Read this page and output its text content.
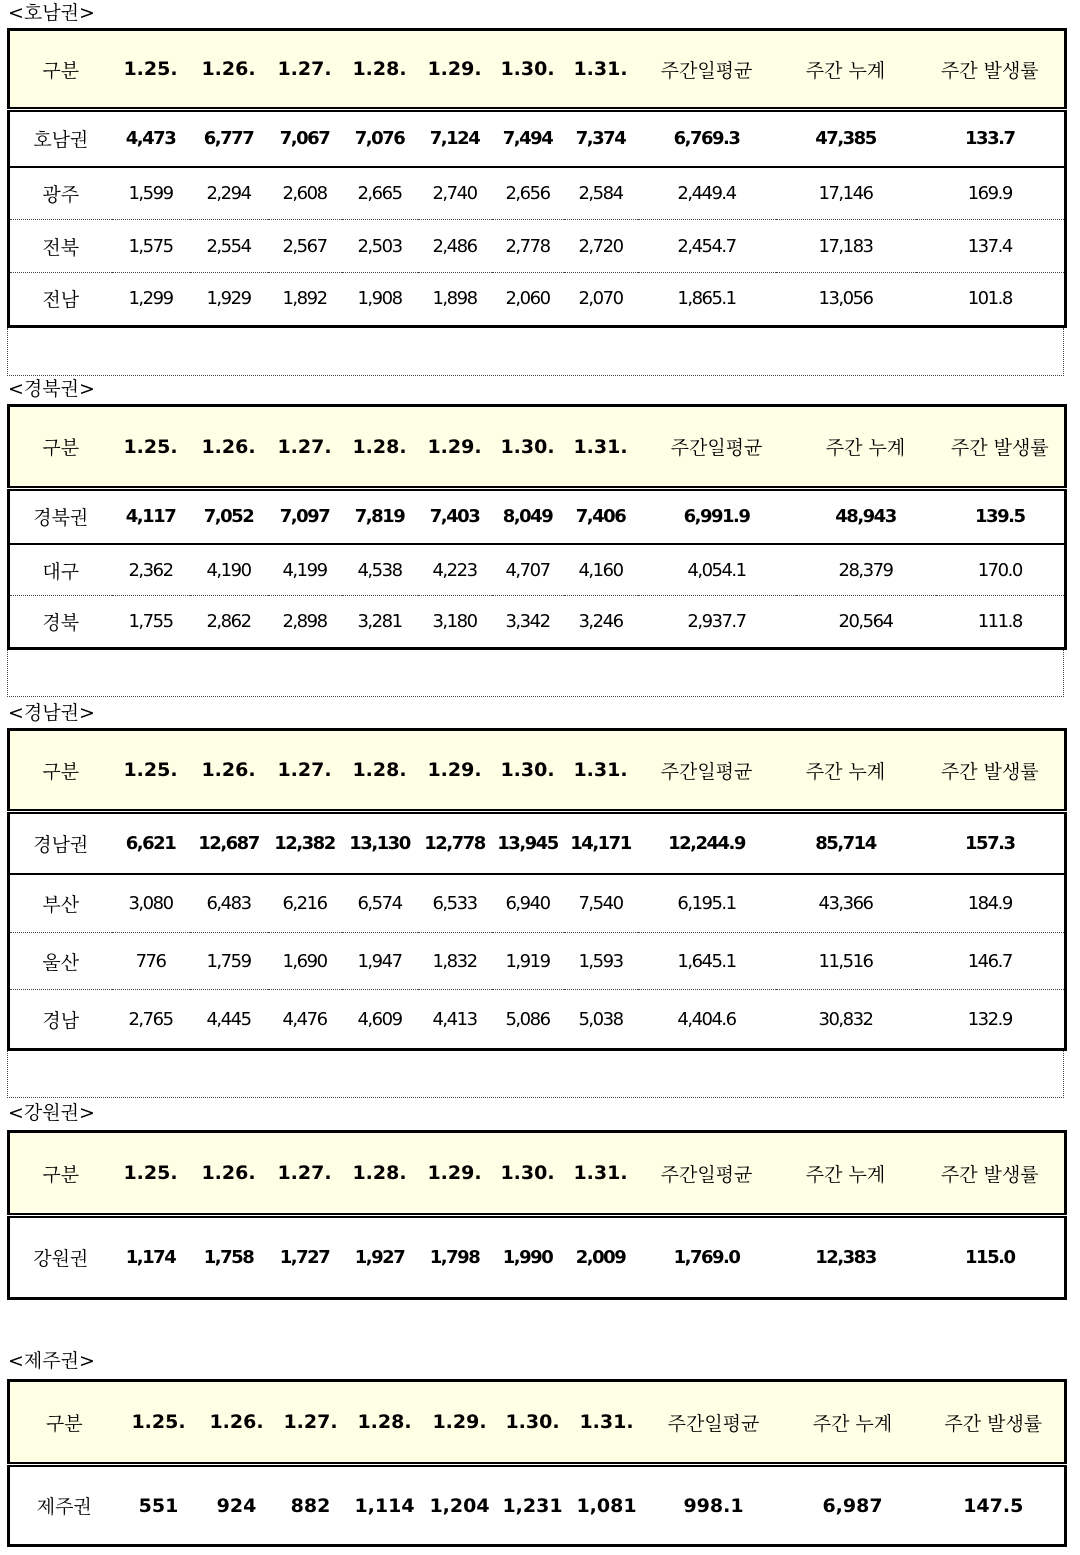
<호남권>
구분	1.25.	1.26.	1.27.	1.28.	1.29.	1.30.	1.31.	주간일평균	주간 누계	주간 발생률
호남권	4,473	6,777	7,067	7,076	7,124	7,494	7,374	6,769.3	47,385	133.7
광주	1,599	2,294	2,608	2,665	2,740	2,656	2,584	2,449.4	17,146	169.9
전북	1,575	2,554	2,567	2,503	2,486	2,778	2,720	2,454.7	17,183	137.4
전남	1,299	1,929	1,892	1,908	1,898	2,060	2,070	1,865.1	13,056	101.8
<경북권>
구분	1.25.	1.26.	1.27.	1.28.	1.29.	1.30.	1.31.	주간일평균	주간 누계	주간 발생률
경북권	4,117	7,052	7,097	7,819	7,403	8,049	7,406	6,991.9	48,943	139.5
대구	2,362	4,190	4,199	4,538	4,223	4,707	4,160	4,054.1	28,379	170.0
경북	1,755	2,862	2,898	3,281	3,180	3,342	3,246	2,937.7	20,564	111.8
<경남권>
구분	1.25.	1.26.	1.27.	1.28.	1.29.	1.30.	1.31.	주간일평균	주간 누계	주간 발생률
경남권	6,621	12,687	12,382	13,130	12,778	13,945	14,171	12,244.9	85,714	157.3
부산	3,080	6,483	6,216	6,574	6,533	6,940	7,540	6,195.1	43,366	184.9
울산	776	1,759	1,690	1,947	1,832	1,919	1,593	1,645.1	11,516	146.7
경남	2,765	4,445	4,476	4,609	4,413	5,086	5,038	4,404.6	30,832	132.9
<강원권>
구분	1.25.	1.26.	1.27.	1.28.	1.29.	1.30.	1.31.	주간일평균	주간 누계	주간 발생률
강원권	1,174	1,758	1,727	1,927	1,798	1,990	2,009	1,769.0	12,383	115.0
<제주권>
구분	1.25.	1.26.	1.27.	1.28.	1.29.	1.30.	1.31.	주간일평균	주간 누계	주간 발생률
제주권	551	924	882	1,114	1,204	1,231	1,081	998.1	6,987	147.5
